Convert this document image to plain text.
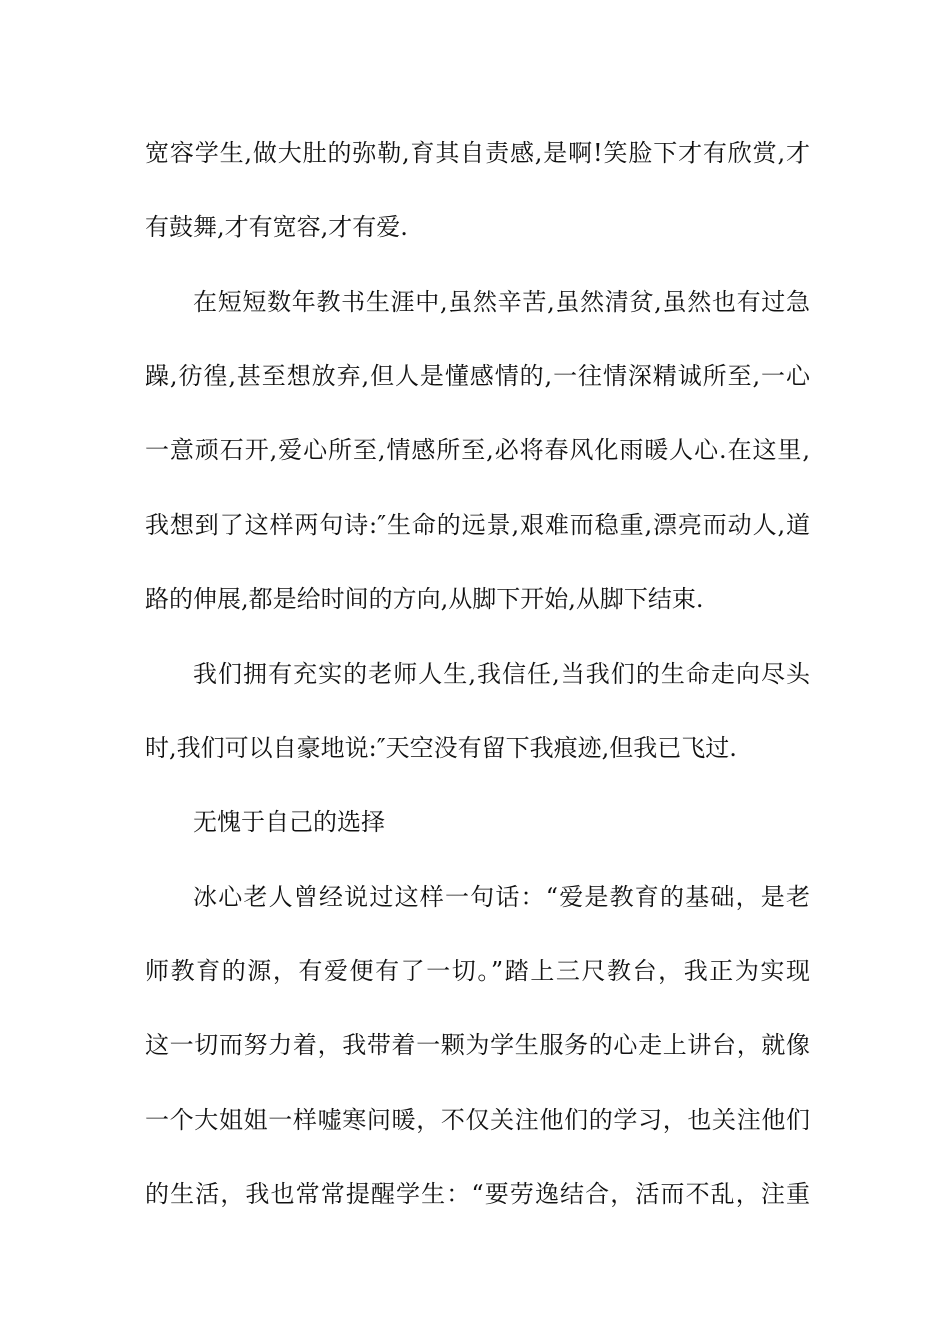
宽容学生,做大肚的弥勒,育其自责感,是啊!笑脸下才有欣赏,才
有鼓舞,才有宽容,才有爱.
在短短数年教书生涯中,虽然辛苦,虽然清贫,虽然也有过急
躁,彷徨,甚至想放弃,但人是懂感情的,一往情深精诚所至,一心
一意顽石开,爱心所至,情感所至,必将春风化雨暖人心.在这里,
我想到了这样两句诗:″生命的远景,艰难而稳重,漂亮而动人,道
路的伸展,都是给时间的方向,从脚下开始,从脚下结束.
我们拥有充实的老师人生,我信任,当我们的生命走向尽头
时,我们可以自豪地说:″天空没有留下我痕迹,但我已飞过.
无愧于自己的选择
冰心老人曾经说过这样一句话：“爱是教育的基础，是老
师教育的源，有爱便有了一切。”踏上三尺教台，我正为实现
这一切而努力着，我带着一颗为学生服务的心走上讲台，就像
一个大姐姐一样嘘寒问暖，不仅关注他们的学习，也关注他们
的生活，我也常常提醒学生：“要劳逸结合，活而不乱，注重
